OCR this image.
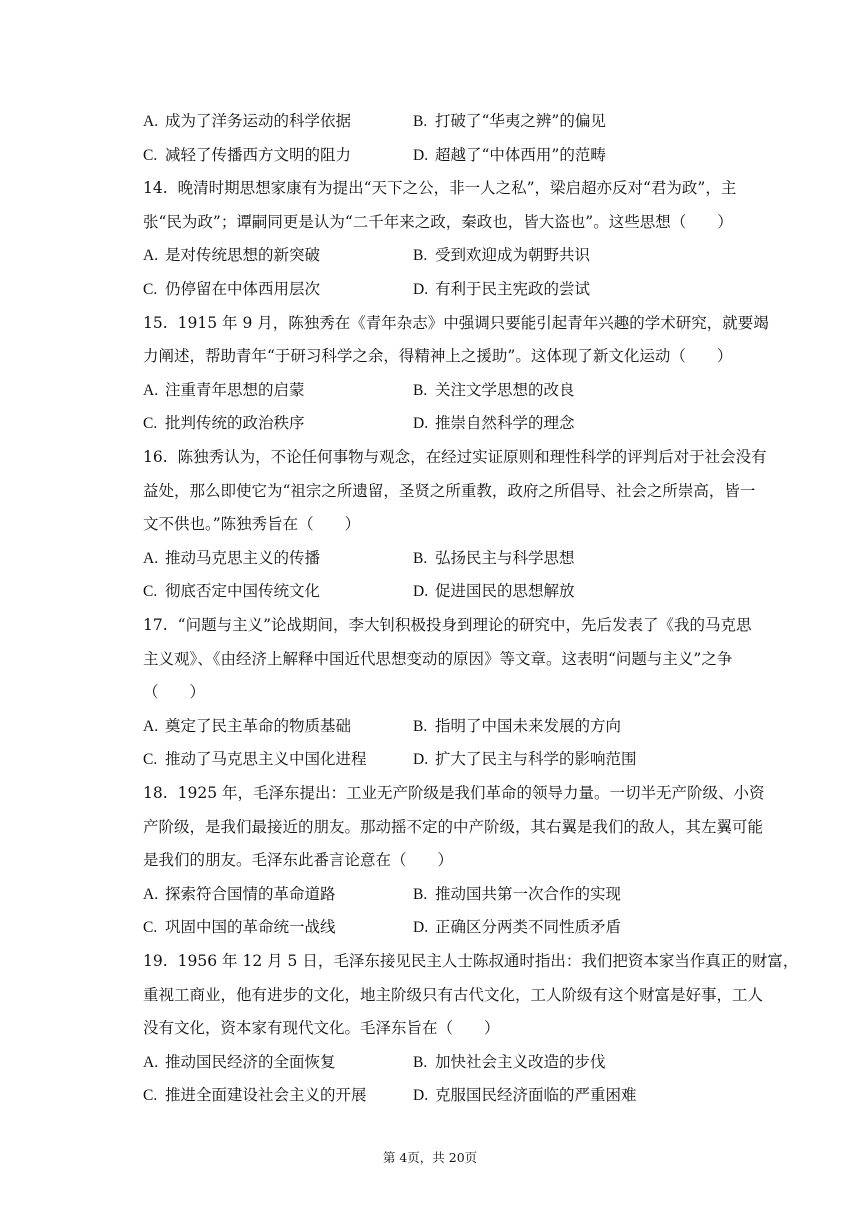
A. 成为了洋务运动的科学依据	B. 打破了“华夷之辨”的偏见
C. 减轻了传播西方文明的阻力	D. 超越了“中体西用”的范畴
14. 晚清时期思想家康有为提出“天下之公，非一人之私”，梁启超亦反对“君为政”，主
张“民为政”；谭嗣同更是认为“二千年来之政，秦政也，皆大盗也”。这些思想（　　）
A. 是对传统思想的新突破	B. 受到欢迎成为朝野共识
C. 仍停留在中体西用层次	D. 有利于民主宪政的尝试
15. 1915 年 9 月，陈独秀在《青年杂志》中强调只要能引起青年兴趣的学术研究，就要竭
力阐述，帮助青年“于研习科学之余，得精神上之援助”。这体现了新文化运动（　　）
A. 注重青年思想的启蒙	B. 关注文学思想的改良
C. 批判传统的政治秩序	D. 推崇自然科学的理念
16. 陈独秀认为，不论任何事物与观念，在经过实证原则和理性科学的评判后对于社会没有
益处，那么即使它为“祖宗之所遗留，圣贤之所重教，政府之所倡导、社会之所崇高，皆一
文不供也。”陈独秀旨在（　　）
A. 推动马克思主义的传播	B. 弘扬民主与科学思想
C. 彻底否定中国传统文化	D. 促进国民的思想解放
17. “问题与主义”论战期间，李大钊积极投身到理论的研究中，先后发表了《我的马克思
主义观》、《由经济上解释中国近代思想变动的原因》等文章。这表明“问题与主义”之争
（　　）
A. 奠定了民主革命的物质基础	B. 指明了中国未来发展的方向
C. 推动了马克思主义中国化进程	D. 扩大了民主与科学的影响范围
18. 1925 年，毛泽东提出：工业无产阶级是我们革命的领导力量。一切半无产阶级、小资
产阶级，是我们最接近的朋友。那动摇不定的中产阶级，其右翼是我们的敌人，其左翼可能
是我们的朋友。毛泽东此番言论意在（　　）
A. 探索符合国情的革命道路	B. 推动国共第一次合作的实现
C. 巩固中国的革命统一战线	D. 正确区分两类不同性质矛盾
19. 1956 年 12 月 5 日，毛泽东接见民主人士陈叔通时指出：我们把资本家当作真正的财富，
重视工商业，他有进步的文化，地主阶级只有古代文化，工人阶级有这个财富是好事，工人
没有文化，资本家有现代文化。毛泽东旨在（　　）
A. 推动国民经济的全面恢复	B. 加快社会主义改造的步伐
C. 推进全面建设社会主义的开展	D. 克服国民经济面临的严重困难
第 4页，共 20页
